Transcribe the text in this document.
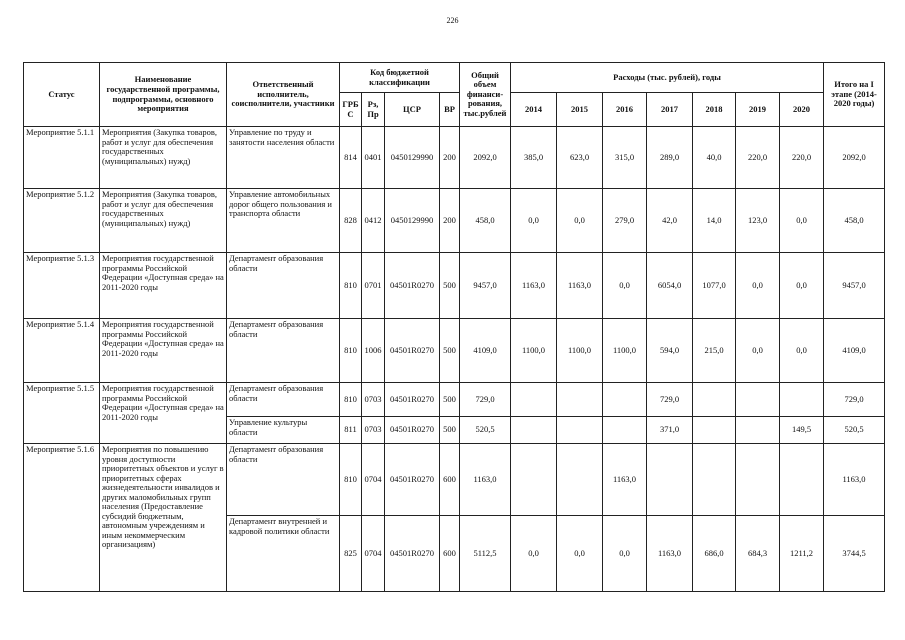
226
Статус	Наименование государственной программы, подпрограммы, основного мероприятия	Ответственный исполнитель, соисполнители, участники	Код бюджетной классификации				Общий объем финанси-рования, тыс.рублей	Расходы (тыс. рублей), годы							Итого на I этапе (2014-2020 годы)
			ГРБ С	Рз, Пр	ЦСР	ВР		2014	2015	2016	2017	2018	2019	2020	
Мероприятие 5.1.1	Мероприятия (Закупка товаров, работ и услуг для обеспечения государственных (муниципальных) нужд)	Управление по труду и занятости населения области	814	0401	0450129990	200	2092,0	385,0	623,0	315,0	289,0	40,0	220,0	220,0	2092,0
Мероприятие 5.1.2	Мероприятия (Закупка товаров, работ и услуг для обеспечения государственных (муниципальных) нужд)	Управление автомобильных дорог общего пользования и транспорта области	828	0412	0450129990	200	458,0	0,0	0,0	279,0	42,0	14,0	123,0	0,0	458,0
Мероприятие 5.1.3	Мероприятия государственной программы Российской Федерации «Доступная среда» на 2011-2020 годы	Департамент образования области	810	0701	04501R0270	500	9457,0	1163,0	1163,0	0,0	6054,0	1077,0	0,0	0,0	9457,0
Мероприятие 5.1.4	Мероприятия государственной программы Российской Федерации «Доступная среда» на 2011-2020 годы	Департамент образования области	810	1006	04501R0270	500	4109,0	1100,0	1100,0	1100,0	594,0	215,0	0,0	0,0	4109,0
Мероприятие 5.1.5	Мероприятия государственной программы Российской Федерации «Доступная среда» на 2011-2020 годы	Департамент образования области	810	0703	04501R0270	500	729,0				729,0				729,0
		Управление культуры области	811	0703	04501R0270	500	520,5				371,0			149,5	520,5
Мероприятие 5.1.6	Мероприятия по повышению уровня доступности приоритетных объектов и услуг в приоритетных сферах жизнедеятельности инвалидов и других маломобильных групп населения (Предоставление субсидий бюджетным, автономным учреждениям и иным некоммерческим организациям)	Департамент образования области	810	0704	04501R0270	600	1163,0			1163,0					1163,0
		Департамент внутренней и кадровой политики области	825	0704	04501R0270	600	5112,5	0,0	0,0	0,0	1163,0	686,0	684,3	1211,2	3744,5
